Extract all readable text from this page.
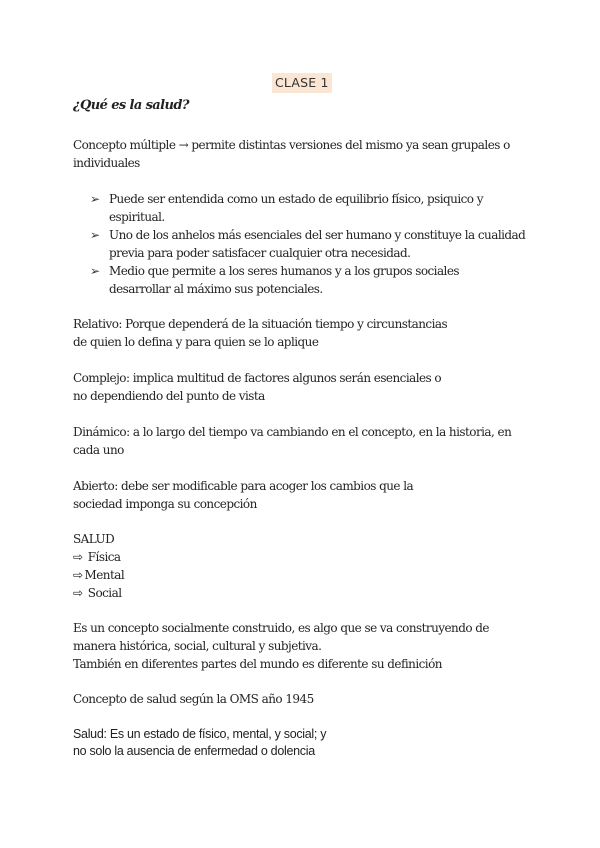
CLASE 1
¿Qué es la salud?
Concepto múltiple → permite distintas versiones del mismo ya sean grupales o
individuales
➢ Puede ser entendida como un estado de equilibrio físico, psiquico y
espiritual.
➢ Uno de los anhelos más esenciales del ser humano y constituye la cualidad
previa para poder satisfacer cualquier otra necesidad.
➢ Medio que permite a los seres humanos y a los grupos sociales
desarrollar al máximo sus potenciales.
Relativo: Porque dependerá de la situación tiempo y circunstancias
de quien lo defina y para quien se lo aplique
Complejo: implica multitud de factores algunos serán esenciales o
no dependiendo del punto de vista
Dinámico: a lo largo del tiempo va cambiando en el concepto, en la historia, en
cada uno
Abierto: debe ser modificable para acoger los cambios que la
sociedad imponga su concepción
SALUD
⇨ Física
⇨ Mental
⇨ Social
Es un concepto socialmente construido, es algo que se va construyendo de
manera histórica, social, cultural y subjetiva.
También en diferentes partes del mundo es diferente su definición
Concepto de salud según la OMS año 1945
Salud: Es un estado de físico, mental, y social; y
no solo la ausencia de enfermedad o dolencia
